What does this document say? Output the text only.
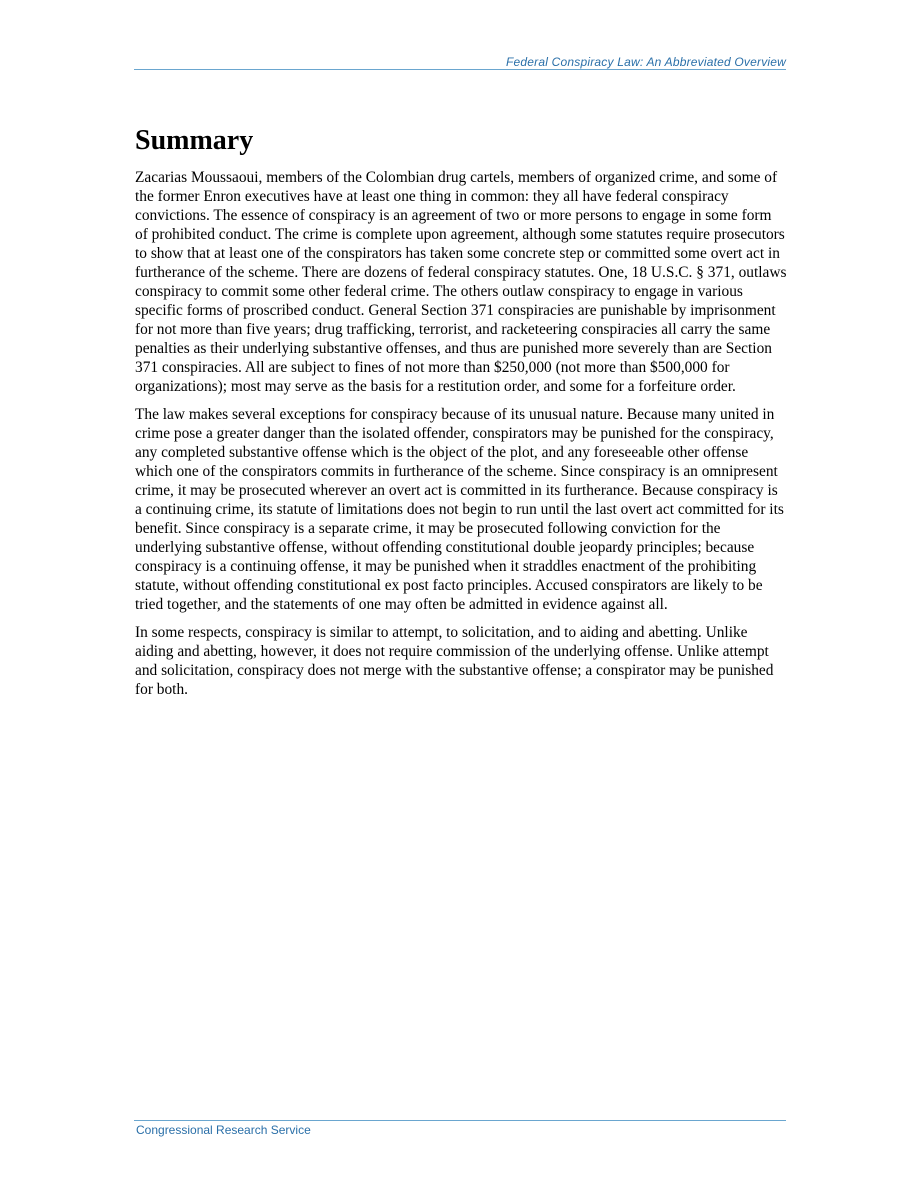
Federal Conspiracy Law: An Abbreviated Overview
Summary

Zacarias Moussaoui, members of the Colombian drug cartels, members of organized crime, and some of the former Enron executives have at least one thing in common: they all have federal conspiracy convictions. The essence of conspiracy is an agreement of two or more persons to engage in some form of prohibited conduct. The crime is complete upon agreement, although some statutes require prosecutors to show that at least one of the conspirators has taken some concrete step or committed some overt act in furtherance of the scheme. There are dozens of federal conspiracy statutes. One, 18 U.S.C. § 371, outlaws conspiracy to commit some other federal crime. The others outlaw conspiracy to engage in various specific forms of proscribed conduct. General Section 371 conspiracies are punishable by imprisonment for not more than five years; drug trafficking, terrorist, and racketeering conspiracies all carry the same penalties as their underlying substantive offenses, and thus are punished more severely than are Section 371 conspiracies. All are subject to fines of not more than $250,000 (not more than $500,000 for organizations); most may serve as the basis for a restitution order, and some for a forfeiture order.

The law makes several exceptions for conspiracy because of its unusual nature. Because many united in crime pose a greater danger than the isolated offender, conspirators may be punished for the conspiracy, any completed substantive offense which is the object of the plot, and any foreseeable other offense which one of the conspirators commits in furtherance of the scheme. Since conspiracy is an omnipresent crime, it may be prosecuted wherever an overt act is committed in its furtherance. Because conspiracy is a continuing crime, its statute of limitations does not begin to run until the last overt act committed for its benefit. Since conspiracy is a separate crime, it may be prosecuted following conviction for the underlying substantive offense, without offending constitutional double jeopardy principles; because conspiracy is a continuing offense, it may be punished when it straddles enactment of the prohibiting statute, without offending constitutional ex post facto principles. Accused conspirators are likely to be tried together, and the statements of one may often be admitted in evidence against all.

In some respects, conspiracy is similar to attempt, to solicitation, and to aiding and abetting. Unlike aiding and abetting, however, it does not require commission of the underlying offense. Unlike attempt and solicitation, conspiracy does not merge with the substantive offense; a conspirator may be punished for both.

Congressional Research Service
